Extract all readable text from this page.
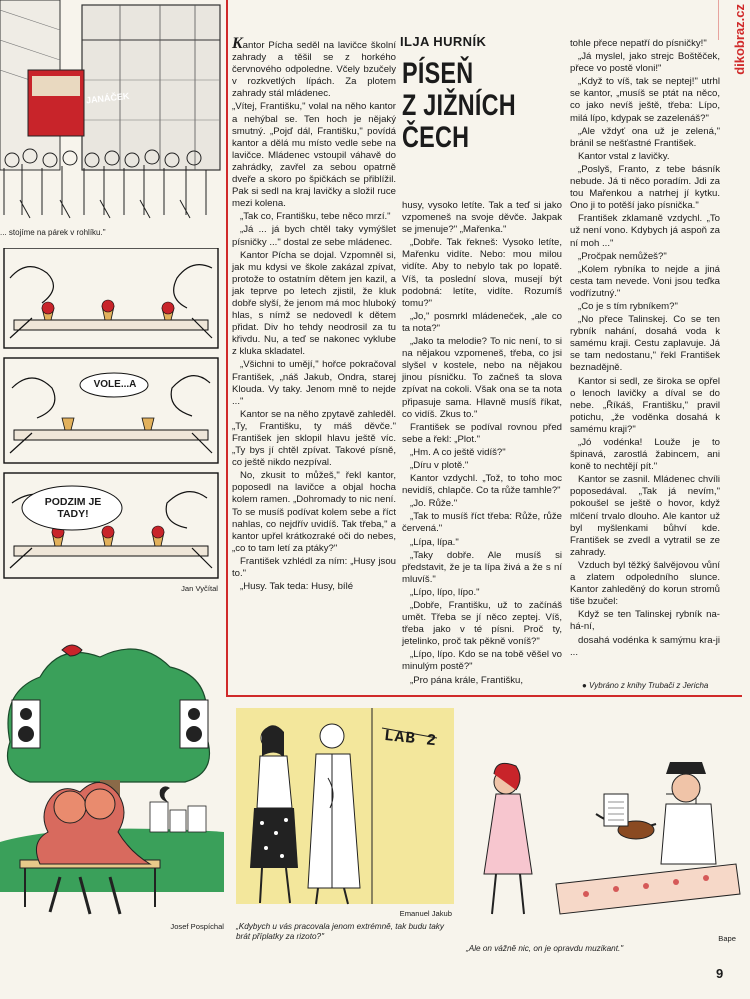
dikobraz.cz
JANÁČEK
... stojíme na párek v rohlíku."
VOLE...A
PODZIM JE TADY!
Jan Vyčítal
Josef Pospíchal

Kantor Pícha seděl na lavičce školní zahrady a těšil se z horkého červnového odpoledne. Včely bzučely v rozkvetlých lípách. Za plotem zahrady stál mládenec.

„Vítej, Františku," volal na něho kantor a nehýbal se. Ten hoch je nějaký smutný. „Pojď dál, Františku," povídá kantor a dělá mu místo vedle sebe na lavičce. Mládenec vstoupil váhavě do zahrádky, zavřel za sebou opatrně dveře a skoro po špičkách se přiblížil. Pak si sedl na kraj lavičky a složil ruce mezi kolena.

„Tak co, Františku, tebe něco mrzí."

„Já ... já bych chtěl taky vymýšlet písničky ..." dostal ze sebe mládenec.

Kantor Pícha se dojal. Vzpomněl si, jak mu kdysi ve škole zakázal zpívat, protože to ostatním dětem jen kazil, a jak teprve po letech zjistil, že kluk dobře slyší, že jenom má moc hluboký hlas, s nímž se nedovedl k dětem přidat. Div ho tehdy neodrosil za tu křivdu. Nu, a teď se nakonec vyklube z kluka skladatel.

„Všichni to umějí," hořce pokračoval František, „náš Jakub, Ondra, starej Klouda. Vy taky. Jenom mně to nejde ..."

Kantor se na něho zpytavě zahleděl. „Ty, Františku, ty máš děvče." František jen sklopil hlavu ještě víc. „Ty bys jí chtěl zpívat. Takové písně, co ještě nikdo nezpíval.

No, zkusit to můžeš," řekl kantor, poposedl na lavičce a objal hocha kolem ramen. „Dohromady to nic není. To se musíš podívat kolem sebe a říct nahlas, co nejdřív uvidíš. Tak třeba," a kantor upřel krátkozraké oči do nebes, „co to tam letí za ptáky?"

František vzhlédl za ním: „Husy jsou to."

„Husy. Tak teda: Husy, bílé

ILJA HURNÍK
PÍSEŇ
Z JIŽNÍCH
ČECH

husy, vysoko letíte. Tak a teď si jako vzpomeneš na svoje děvče. Jakpak se jmenuje?" „Mařenka."

„Dobře. Tak řekneš: Vysoko letíte, Mařenku vidíte. Nebo: mou milou vidíte. Aby to nebylo tak po lopatě. Víš, ta poslední slova, musejí být podobná: letíte, vidíte. Rozumíš tomu?"

„Jo," posmrkl mládeneček, „ale co ta nota?"

„Jako ta melodie? To nic není, to si na nějakou vzpomeneš, třeba, co jsi slyšel v kostele, nebo na nějakou jinou písničku. To začneš ta slova zpívat na cokoli. Však ona se ta nota připasuje sama. Hlavně musíš říkat, co vidíš. Zkus to."

František se podíval rovnou před sebe a řekl: „Plot."

„Hm. A co ještě vidíš?"

„Díru v plotě."

Kantor vzdychl. „Tož, to toho moc nevidíš, chlapče. Co ta růže tamhle?"

„Jo. Růže."

„Tak to musíš říct třeba: Růže, růže červená."

„Lípa, lípa."

„Taky dobře. Ale musíš si představit, že je ta lípa živá a že s ní mluvíš."

„Lípo, lípo, lípo."

„Dobře, Františku, už to začínáš umět. Třeba se jí něco zeptej. Víš, třeba jako v té písni. Proč ty, jetelinko, proč tak pěkně voníš?"

„Lípo, lípo. Kdo se na tobě věšel vo minulým postě?"

„Pro pána krále, Františku,

tohle přece nepatří do písničky!"

„Já myslel, jako strejc Boštěček, přece vo postě vloni!"

„Když to víš, tak se neptej!" utrhl se kantor, „musíš se ptát na něco, co jako nevíš ještě, třeba: Lípo, milá lípo, kdypak se zazelenáš?"

„Ale vždyť ona už je zelená," bránil se nešťastné František.

Kantor vstal z lavičky.

„Poslyš, Franto, z tebe básník nebude. Já ti něco poradím. Jdi za tou Mařenkou a natrhej jí kytku. Ono ji to potěší jako písnička."

František zklamaně vzdychl. „To už není vono. Kdybych já aspoň za ní moh ..."

„Pročpak nemůžeš?"

„Kolem rybníka to nejde a jiná cesta tam nevede. Voni jsou teďka vodřízutný."

„Co je s tím rybníkem?"

„No přece Talinskej. Co se ten rybník nahání, dosahá voda k samému kraji. Cestu zaplavuje. Já se tam nedostanu," řekl František beznadějně.

Kantor si sedl, ze široka se opřel o lenoch lavičky a díval se do nebe. „Říkáš, Františku," pravil potichu, „že voděnka dosahá k samému kraji?"

„Jó vodénka! Louže je to špinavá, zarostlá žabincem, ani koně to nechtějí pít."

Kantor se zasnil. Mládenec chvíli poposedával. „Tak já nevím," pokoušel se ještě o hovor, když mlčení trvalo dlouho. Ale kantor už byl myšlenkami bůhví kde. František se zvedl a vytratil se ze zahrady.

Vzduch byl těžký šalvějovou vůní a zlatem odpoledního slunce. Kantor zahleděný do korun stromů tiše bzučel:

Když se ten Talinskej rybník na-há-ní,

dosahá vodénka k samýmu kra-ji ...

● Vybráno z knihy Trubači z Jericha
LAB 2
Emanuel Jakub
„Kdybych u vás pracovala jenom extrémně, tak budu taky brát příplatky za rizoto?"	Bape
„Ale on vážně nic, on je opravdu muzikant."
9
